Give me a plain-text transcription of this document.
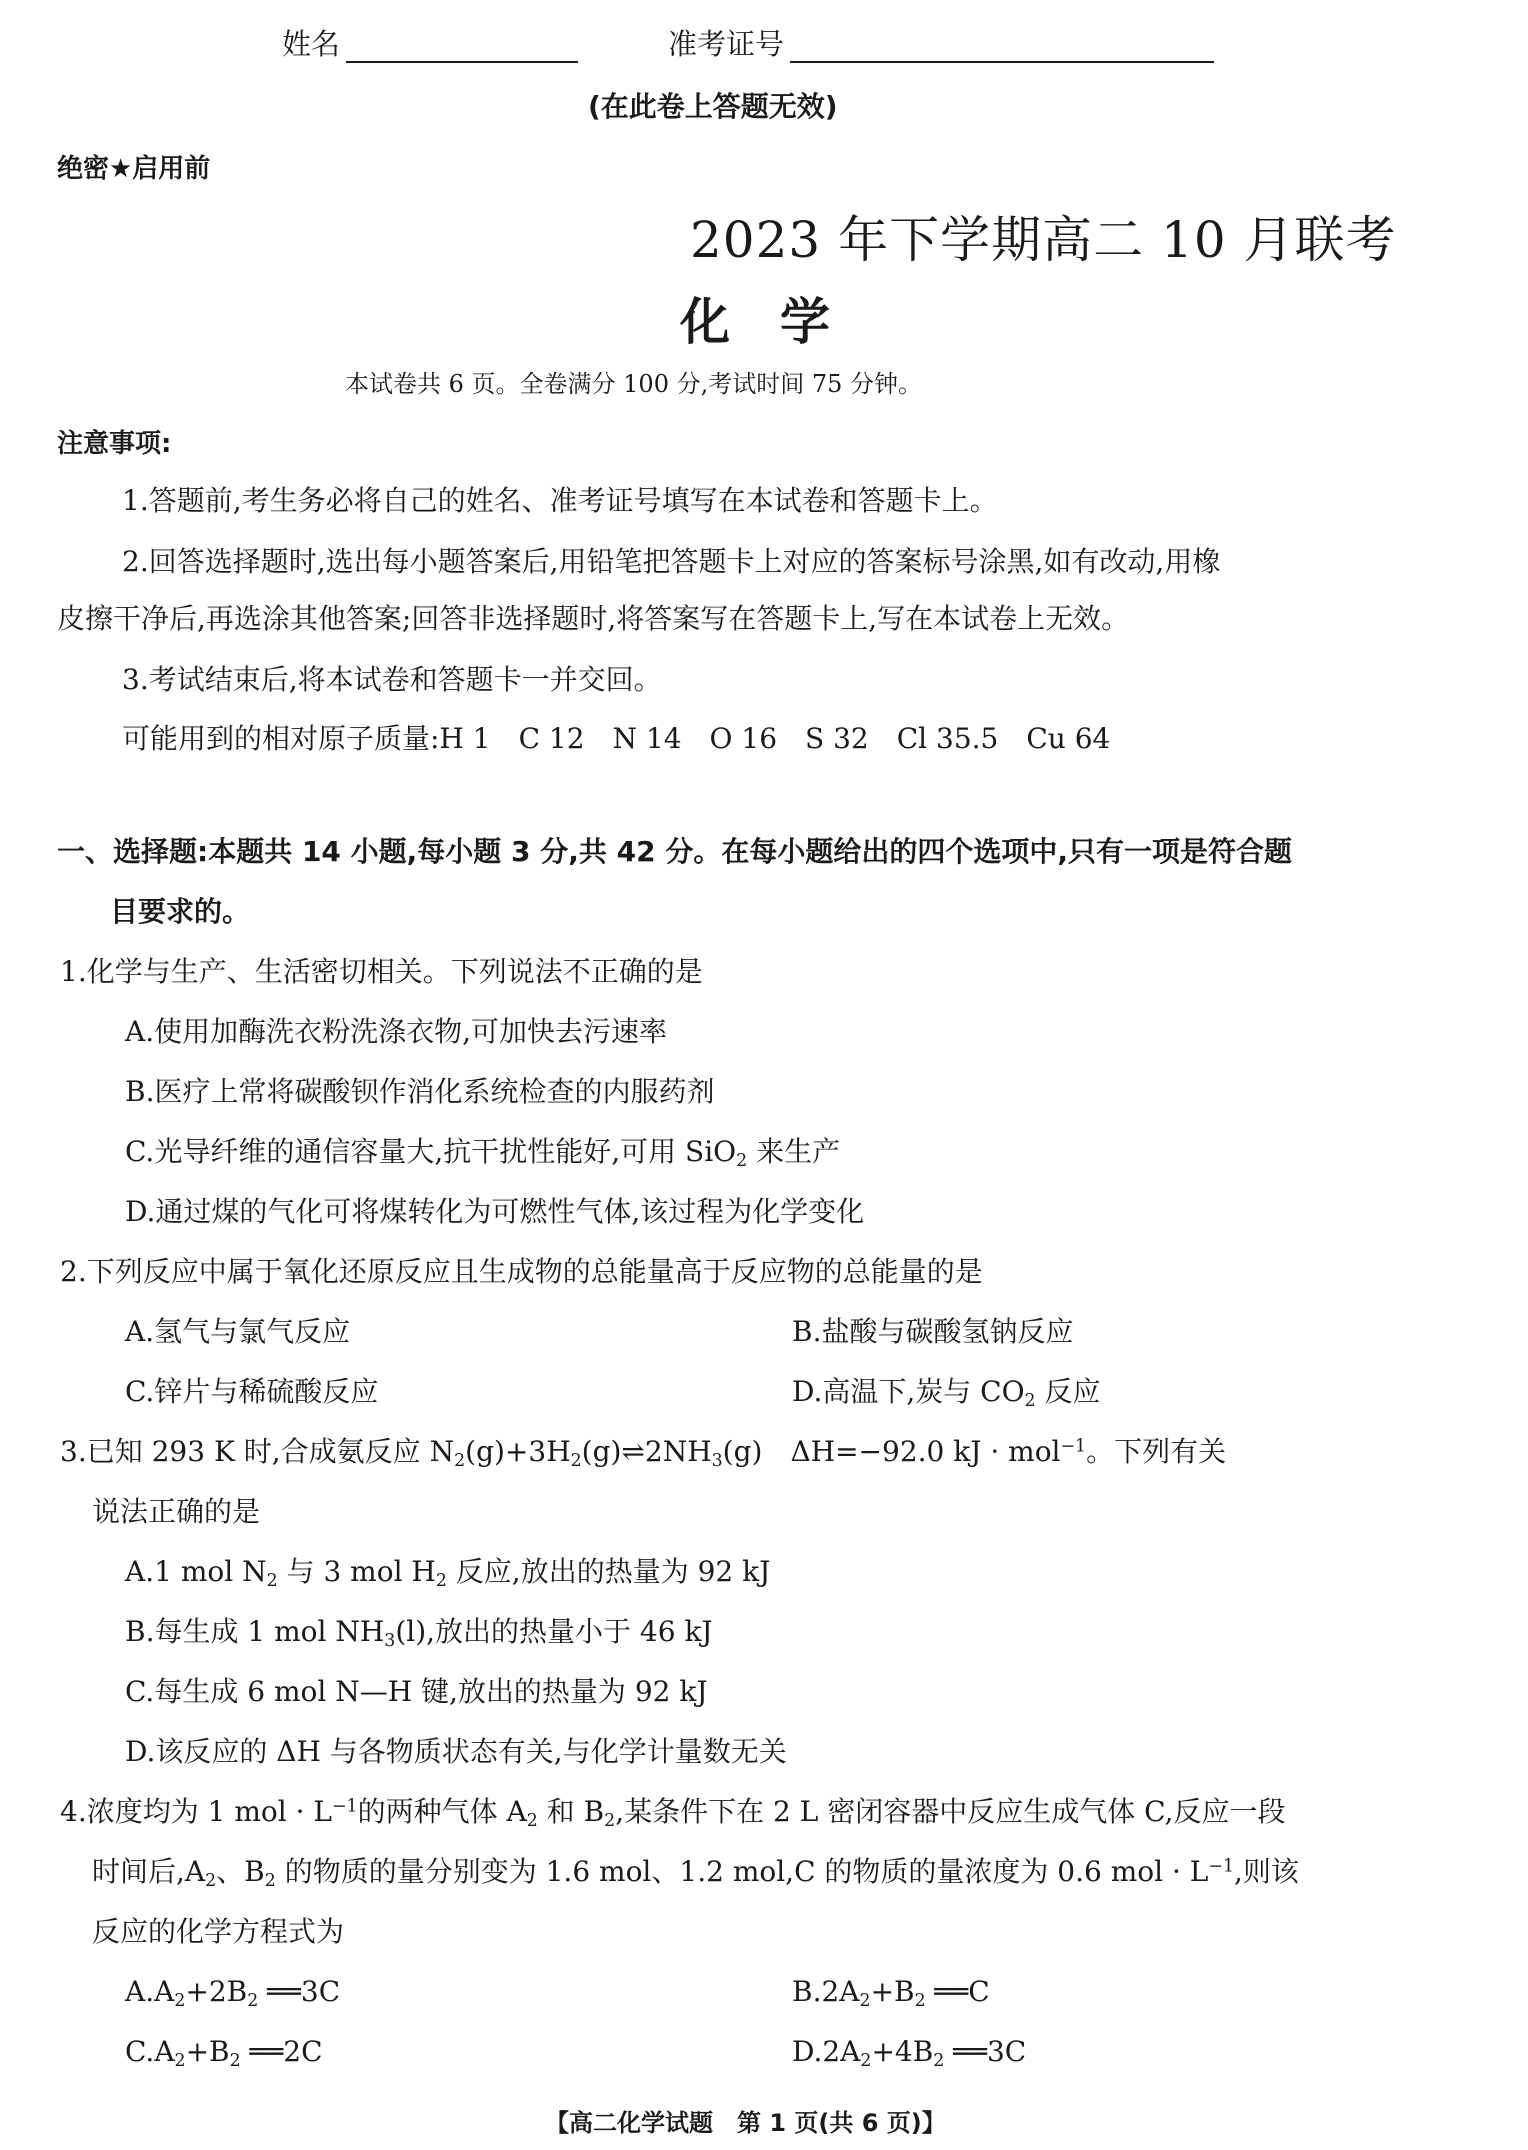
姓名	准考证号
(在此卷上答题无效)
绝密★启用前
2023 年下学期高二 10 月联考
化　学
本试卷共 6 页。全卷满分 100 分,考试时间 75 分钟。
注意事项:
1.答题前,考生务必将自己的姓名、准考证号填写在本试卷和答题卡上。
2.回答选择题时,选出每小题答案后,用铅笔把答题卡上对应的答案标号涂黑,如有改动,用橡
皮擦干净后,再选涂其他答案;回答非选择题时,将答案写在答题卡上,写在本试卷上无效。
3.考试结束后,将本试卷和答题卡一并交回。
可能用到的相对原子质量:H 1　C 12　N 14　O 16　S 32　Cl 35.5　Cu 64
一、选择题:本题共 14 小题,每小题 3 分,共 42 分。在每小题给出的四个选项中,只有一项是符合题
目要求的。
1.化学与生产、生活密切相关。下列说法不正确的是
A.使用加酶洗衣粉洗涤衣物,可加快去污速率
B.医疗上常将碳酸钡作消化系统检查的内服药剂
C.光导纤维的通信容量大,抗干扰性能好,可用 SiO$_2$ 来生产
D.通过煤的气化可将煤转化为可燃性气体,该过程为化学变化
2.下列反应中属于氧化还原反应且生成物的总能量高于反应物的总能量的是
A.氢气与氯气反应	B.盐酸与碳酸氢钠反应
C.锌片与稀硫酸反应	D.高温下,炭与 $CO_2$ 反应
3.已知 293 K 时,合成氨反应 $N_2(g)+3H_2(g)\rightleftharpoons 2NH_3(g)$　ΔH=−92.0 kJ · mol$^{-1}$。下列有关
说法正确的是
A.1 mol $N_2$ 与 3 mol $H_2$ 反应,放出的热量为 92 kJ
B.每生成 1 mol $NH_3(l)$,放出的热量小于 46 kJ
C.每生成 6 mol N—H 键,放出的热量为 92 kJ
D.该反应的 ΔH 与各物质状态有关,与化学计量数无关
4.浓度均为 1 mol · $L^{-1}$的两种气体 $A_2$ 和 $B_2$,某条件下在 2 L 密闭容器中反应生成气体 C,反应一段
时间后$,A_2$、$B_2$ 的物质的量分别变为 1.6 mol、1.2 mol,C 的物质的量浓度为 0.6 mol · $L^{-1}$,则该
反应的化学方程式为
$A.A_2+2B_2$ ══3C	$B.2A_2+B_2$ ══C
$C.A_2+B_2$ ══2C	$D.2A_2+4B_2$ ══3C
【高二化学试题　第 1 页(共 6 页)】
